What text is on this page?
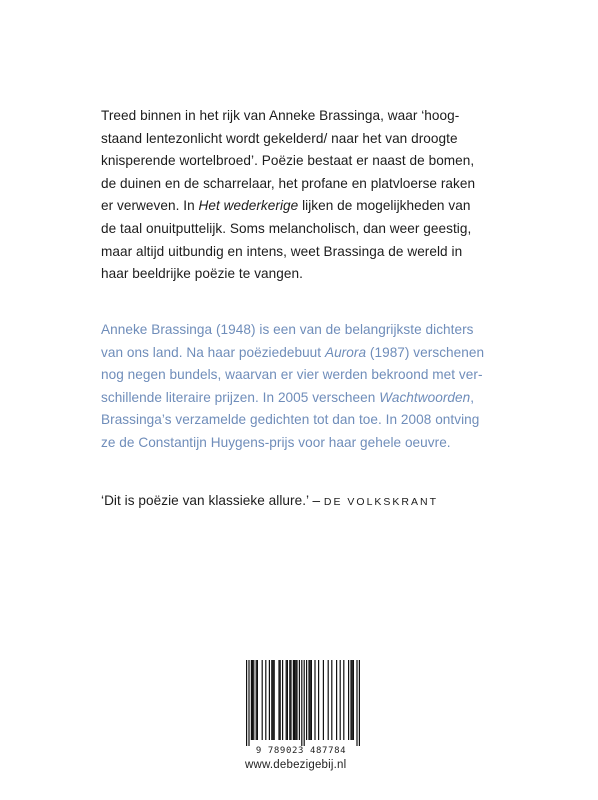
Treed binnen in het rijk van Anneke Brassinga, waar ‘hoog-
staand lentezonlicht wordt gekelderd/ naar het van droogte
knisperende wortelbroed’. Poëzie bestaat er naast de bomen,
de duinen en de scharrelaar, het profane en platvloerse raken
er verweven. In Het wederkerige lijken de mogelijkheden van
de taal onuitputtelijk. Soms melancholisch, dan weer geestig,
maar altijd uitbundig en intens, weet Brassinga de wereld in
haar beeldrijke poëzie te vangen.
Anneke Brassinga (1948) is een van de belangrijkste dichters
van ons land. Na haar poëziedebuut Aurora (1987) verschenen
nog negen bundels, waarvan er vier werden bekroond met ver-
schillende literaire prijzen. In 2005 verscheen Wachtwoorden,
Brassinga’s verzamelde gedichten tot dan toe. In 2008 ontving
ze de Constantijn Huygens-prijs voor haar gehele oeuvre.
‘Dit is poëzie van klassieke allure.’ – DE VOLKSKRANT
9 789023 487784
www.debezigebij.nl
